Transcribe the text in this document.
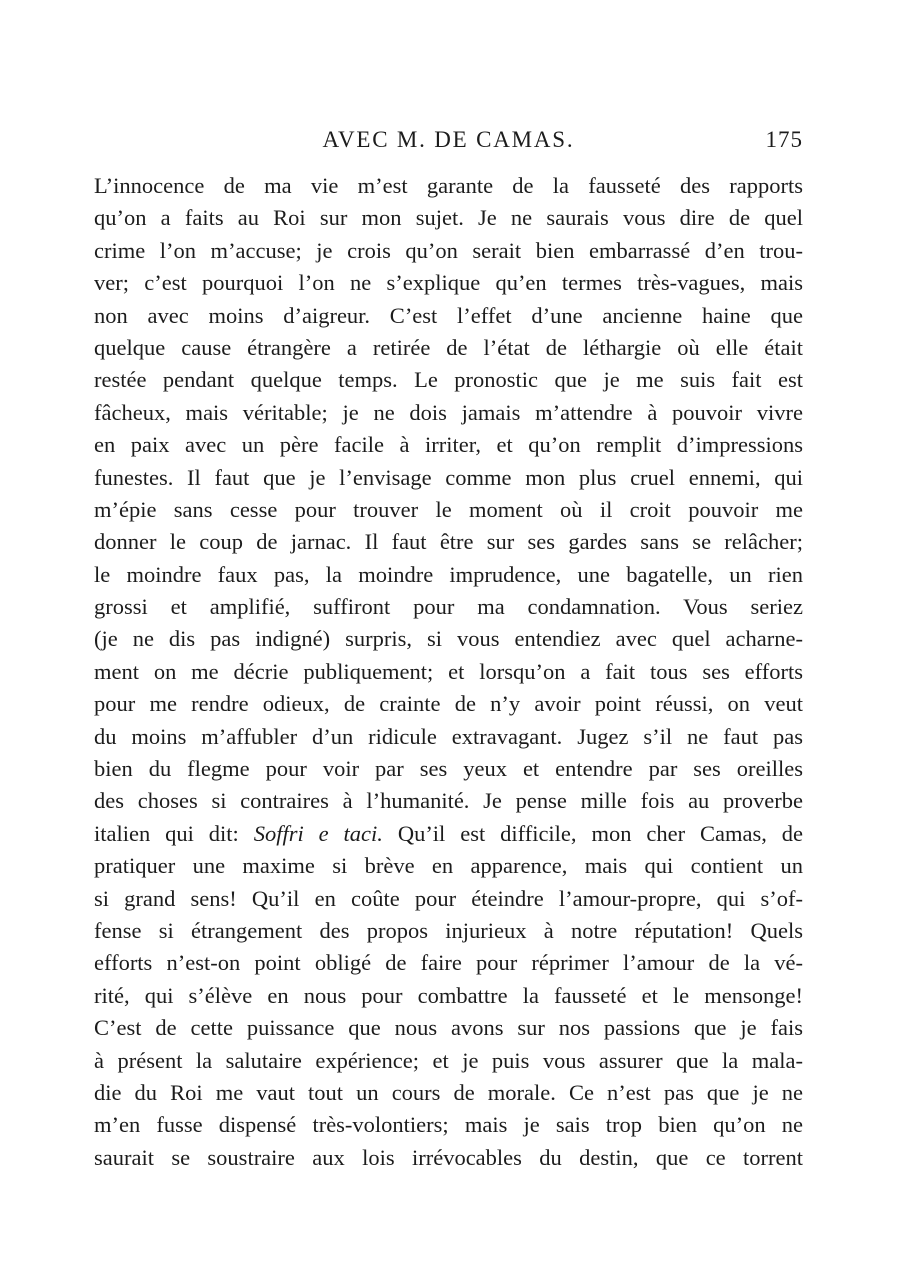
AVEC M. DE CAMAS.	175
L’innocence de ma vie m’est garante de la fausseté des rapports
qu’on a faits au Roi sur mon sujet. Je ne saurais vous dire de quel
crime l’on m’accuse; je crois qu’on serait bien embarrassé d’en trou-
ver; c’est pourquoi l’on ne s’explique qu’en termes très-vagues, mais
non avec moins d’aigreur. C’est l’effet d’une ancienne haine que
quelque cause étrangère a retirée de l’état de léthargie où elle était
restée pendant quelque temps. Le pronostic que je me suis fait est
fâcheux, mais véritable; je ne dois jamais m’attendre à pouvoir vivre
en paix avec un père facile à irriter, et qu’on remplit d’impressions
funestes. Il faut que je l’envisage comme mon plus cruel ennemi, qui
m’épie sans cesse pour trouver le moment où il croit pouvoir me
donner le coup de jarnac. Il faut être sur ses gardes sans se relâcher;
le moindre faux pas, la moindre imprudence, une bagatelle, un rien
grossi et amplifié, suffiront pour ma condamnation. Vous seriez
(je ne dis pas indigné) surpris, si vous entendiez avec quel acharne-
ment on me décrie publiquement; et lorsqu’on a fait tous ses efforts
pour me rendre odieux, de crainte de n’y avoir point réussi, on veut
du moins m’affubler d’un ridicule extravagant. Jugez s’il ne faut pas
bien du flegme pour voir par ses yeux et entendre par ses oreilles
des choses si contraires à l’humanité. Je pense mille fois au proverbe
italien qui dit: Soffri e taci. Qu’il est difficile, mon cher Camas, de
pratiquer une maxime si brève en apparence, mais qui contient un
si grand sens! Qu’il en coûte pour éteindre l’amour-propre, qui s’of-
fense si étrangement des propos injurieux à notre réputation! Quels
efforts n’est-on point obligé de faire pour réprimer l’amour de la vé-
rité, qui s’élève en nous pour combattre la fausseté et le mensonge!
C’est de cette puissance que nous avons sur nos passions que je fais
à présent la salutaire expérience; et je puis vous assurer que la mala-
die du Roi me vaut tout un cours de morale. Ce n’est pas que je ne
m’en fusse dispensé très-volontiers; mais je sais trop bien qu’on ne
saurait se soustraire aux lois irrévocables du destin, que ce torrent
